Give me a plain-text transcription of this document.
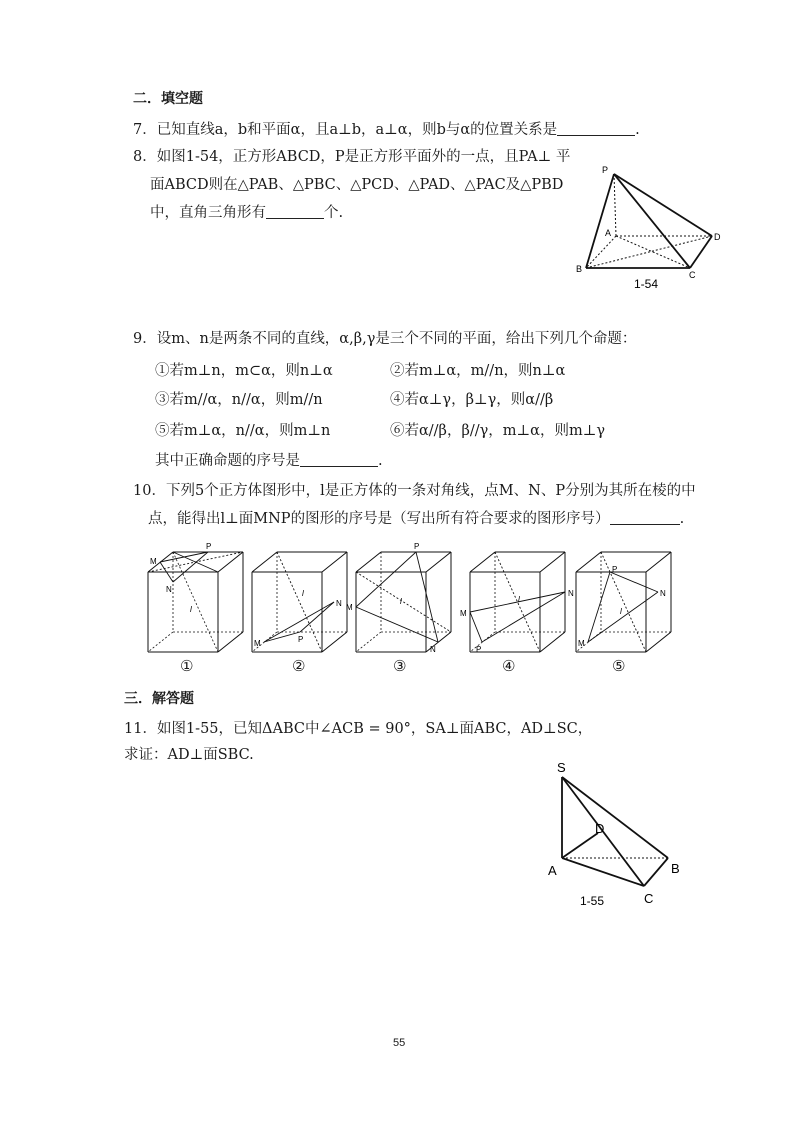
二．填空题
7．已知直线a，b和平面α，且a⊥b，a⊥α，则b与α的位置关系是	.
8．如图1-54，正方形ABCD，P是正方形平面外的一点，且PA⊥ 平
面ABCD则在△PAB、△PBC、△PCD、△PAD、△PAC及△PBD
中，直角三角形有	个.
P
A
B
C
D
1-54
9．设m、n是两条不同的直线，α,β,γ是三个不同的平面，给出下列几个命题：
①若m⊥n，m⊂α，则n⊥α	②若m⊥α，m//n，则n⊥α
③若m//α，n//α，则m//n	④若α⊥γ，β⊥γ，则α//β
⑤若m⊥α，n//α，则m⊥n	⑥若α//β，β//γ，m⊥α，则m⊥γ
其中正确命题的序号是	.
10．下列5个正方体图形中，l是正方体的一条对角线，点M、N、P分别为其所在棱的中
点，能得出l⊥面MNP的图形的序号是（写出所有符合要求的图形序号）	.
M
P
N
l
M	P
N
l
M
P
N
l
M
P
N
l
M
P
N
l
①	②	③	④	⑤
三．解答题
11．如图1-55，已知ΔABC中∠ACB = 90°，SA⊥面ABC，AD⊥SC，
求证：AD⊥面SBC.
S
D
A	B
C
1-55
55
